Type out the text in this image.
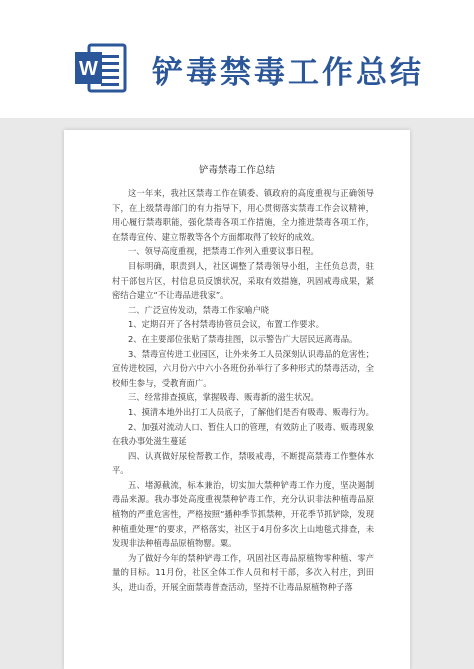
W 铲毒禁毒工作总结
铲毒禁毒工作总结

这一年来，我社区禁毒工作在镇委、镇政府的高度重视与正确领导下，在上级禁毒部门的有力指导下，用心贯彻落实禁毒工作会议精神，用心履行禁毒职能，强化禁毒各项工作措施，全力推进禁毒各项工作，在禁毒宣传、建立帮教等各个方面都取得了较好的成效。

一、领导高度重视，把禁毒工作列入重要议事日程。

目标明确，职责到人，社区调整了禁毒领导小组，主任负总责，驻村干部包片区，村信息员反馈状况，采取有效措施，巩固戒毒成果，紧密结合建立“不让毒品进我家”。

二、广泛宣传发动，禁毒工作家喻户晓

1、定期召开了各村禁毒协管员会议，布置工作要求。

2、在主要部位张贴了禁毒挂图，以示警告广大居民远离毒品。

3、禁毒宣传进工业园区，让外来务工人员深刻认识毒品的危害性；宣传进校园，六月份六中六小各班份孙举行了多种形式的禁毒活动，全校师生参与，受教育面广。

三、经常排查摸底，掌握吸毒、贩毒新的滋生状况。

1、摸清本地外出打工人员底子，了解他们是否有吸毒、贩毒行为。

2、加强对流动人口、暂住人口的管理，有效防止了吸毒、贩毒现象在我办事处滋生蔓延

四、认真做好尿检帮教工作，禁吸戒毒，不断提高禁毒工作整体水平。

五、堵源截流，标本兼治，切实加大禁种铲毒工作力度，坚决遏制毒品来源。我办事处高度重视禁种铲毒工作，充分认识非法种植毒品原植物的严重危害性，严格按照“播种季节抓禁种，开花季节抓铲除，发现种植重处理”的要求，严格落实，社区于4月份多次上山地毯式排查，未发现非法种植毒品原植物罂。粟。

为了做好今年的禁种铲毒工作，巩固社区毒品原植物零种植、零产量的目标。11月份，社区全体工作人员和村干部，多次入村庄，到田头，进山岙，开展全面禁毒普查活动，坚持不让毒品原植物种子落
